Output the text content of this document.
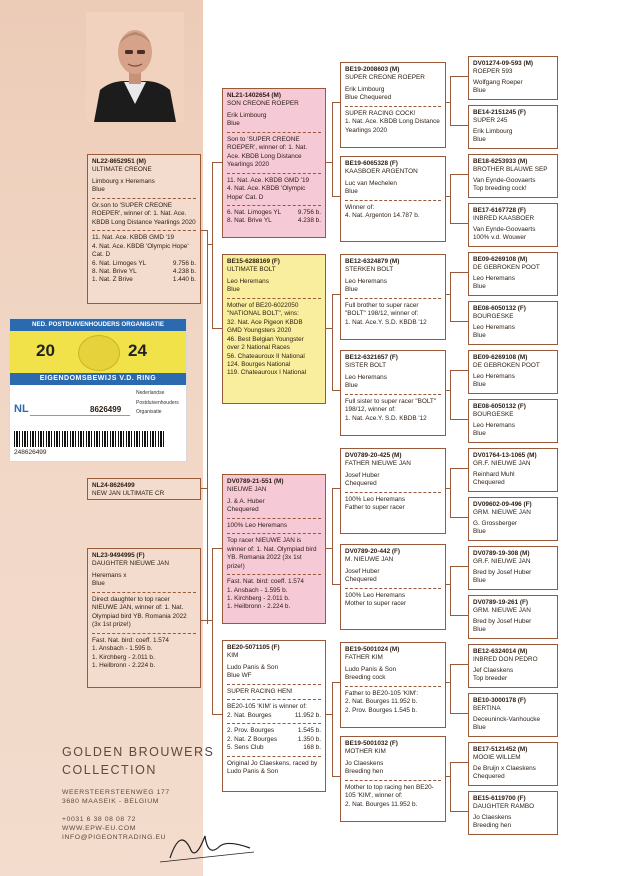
NED. POSTDUIVENHOUDERS ORGANISATIE
20	24
EIGENDOMSBEWIJS V.D. RING
NL	8626499
Nederlandse
Postduivenhouders
Organisatie
248626499
NL24-8626499
NEW JAN ULTIMATE CR
NL22-8652951 (M)
ULTIMATE CREONE
Limbourg x Heremans
Blue
Gr.son to 'SUPER CREONE ROEPER', winner of: 1. Nat. Ace. KBDB Long Distance Yearlings 2020
11. Nat. Ace. KBDB GMD '19
4. Nat. Ace. KBDB 'Olympic Hope' Cat. D
6. Nat. Limoges YL	9.756 b.
8. Nat. Brive YL	4.238 b.
1. Nat. Z Brive	1.440 b.
NL23-9494995 (F)
DAUGHTER NIEUWE JAN
Heremans x
Blue
Direct daughter to top racer NIEUWE JAN, winner of: 1. Nat. Olympiad bird YB. Romania 2022 (3x 1st prize!)
Fast. Nat. bird: coeff. 1.574
1. Ansbach - 1.595 b.
1. Kirchberg - 2.011 b.
1. Heilbronn - 2.224 b.
NL21-1402654 (M)
SON CREONE ROEPER
Erik Limbourg
Blue
Son to 'SUPER CREONE ROEPER', winner of: 1. Nat. Ace. KBDB Long Distance Yearlings 2020
11. Nat. Ace. KBDB GMD '19
4. Nat. Ace. KBDB 'Olympic Hope' Cat. D
6. Nat. Limoges YL	9.756 b.
8. Nat. Brive YL	4.238 b.
BE15-6288169 (F)
ULTIMATE BOLT
Leo Heremans
Blue
Mother of BE20-6022050 "NATIONAL BOLT", wins:
32. Nat. Ace Pigeon KBDB
GMD Youngsters 2020
46. Best Belgian Youngster
over 2 National Races
56. Chateauroux II National
124. Bourges National
119. Chateauroux I National
DV0789-21-551 (M)
NIEUWE JAN
J. & A. Huber
Chequered
100% Leo Heremans
Top racer NIEUWE JAN is winner of: 1. Nat. Olympiad bird YB. Romania 2022 (3x 1st prize!)
Fast. Nat. bird: coeff. 1.574
1. Ansbach - 1.595 b.
1. Kirchberg - 2.011 b.
1. Heilbronn - 2.224 b.
BE20-5071105 (F)
KIM
Ludo Panis & Son
Blue WF
SUPER RACING HEN!
BE20-105 'KIM' is winner of:
2. Nat. Bourges	11.952 b.
2. Prov. Bourges	1.545 b.
2. Nat. Z Bourges	1.350 b.
5. Sens Club	168 b.
Original Jo Claeskens, raced by Ludo Panis & Son
BE19-2008603 (M)
SUPER CREONE ROEPER
Erik Limbourg
Blue Chequered
SUPER RACING COCK!
1. Nat. Ace. KBDB Long Distance Yearlings 2020
BE19-6065328 (F)
KAASBOER ARGENTON
Luc van Mechelen
Blue
Winner of:
4. Nat. Argenton 14.787 b.
BE12-6324879 (M)
STERKEN BOLT
Leo Heremans
Blue
Full brother to super racer "BOLT" 198/12, winner of:
1. Nat. Ace.Y. S.D. KBDB '12
BE12-6321657 (F)
SISTER BOLT
Leo Heremans
Blue
Full sister to super racer "BOLT" 198/12, winner of:
1. Nat. Ace.Y. S.D. KBDB '12
DV0789-20-425 (M)
FATHER NIEUWE JAN
Josef Huber
Chequered
100% Leo Heremans
Father to super racer
DV0789-20-442 (F)
M. NIEUWE JAN
Josef Huber
Chequered
100% Leo Heremans
Mother to super racer
BE19-5001024 (M)
FATHER KIM
Ludo Panis & Son
Breeding cock
Father to BE20-105 'KIM':
2. Nat. Bourges 11.952 b.
2. Prov. Bourges 1.545 b.
BE19-5001032 (F)
MOTHER KIM
Jo Claeskens
Breeding hen
Mother to top racing hen BE20-105 'KIM', winner of:
2. Nat. Bourges 11.952 b.
DV01274-09-593 (M)
ROEPER 593
Wolfgang Roeper
Blue
BE14-2151245 (F)
SUPER 245
Erik Limbourg
Blue
BE18-6253933 (M)
BROTHER BLAUWE SEP
Van Eynde-Goovaerts
Top breeding cock!
BE17-6167728 (F)
INBRED KAASBOER
Van Eynde-Goovaerts
100% v.d. Wouwer
BE09-6269108 (M)
DE GEBROKEN POOT
Leo Heremans
Blue
BE08-6050132 (F)
BOURGESKE
Leo Heremans
Blue
BE09-6269108 (M)
DE GEBROKEN POOT
Leo Heremans
Blue
BE08-6050132 (F)
BOURGESKE
Leo Heremans
Blue
DV01764-13-1065 (M)
GR.F. NIEUWE JAN
Reinhard Muhl
Chequered
DV09602-09-496 (F)
GRM. NIEUWE JAN
G. Grossberger
Blue
DV0789-19-308 (M)
GR.F. NIEUWE JAN
Bred by Josef Huber
Blue
DV0789-19-261 (F)
GRM. NIEUWE JAN
Bred by Josef Huber
Blue
BE12-6324014 (M)
INBRED DON PEDRO
Jef Claeskens
Top breeder
BE10-3000178 (F)
BERTINA
Deceuninck-Vanhoucke
Blue
BE17-5121452 (M)
MOOIE WILLEM
De Bruijn x Claeskens
Chequered
BE15-6119700 (F)
DAUGHTER RAMBO
Jo Claeskens
Breeding hen
GOLDEN BROUWERS
COLLECTION
WEERSTEERSTEENWEG 177
3680 MAASEIK - BELGIUM
+0031 6 38 08 08 72
WWW.EPW-EU.COM
INFO@PIGEONTRADING.EU
